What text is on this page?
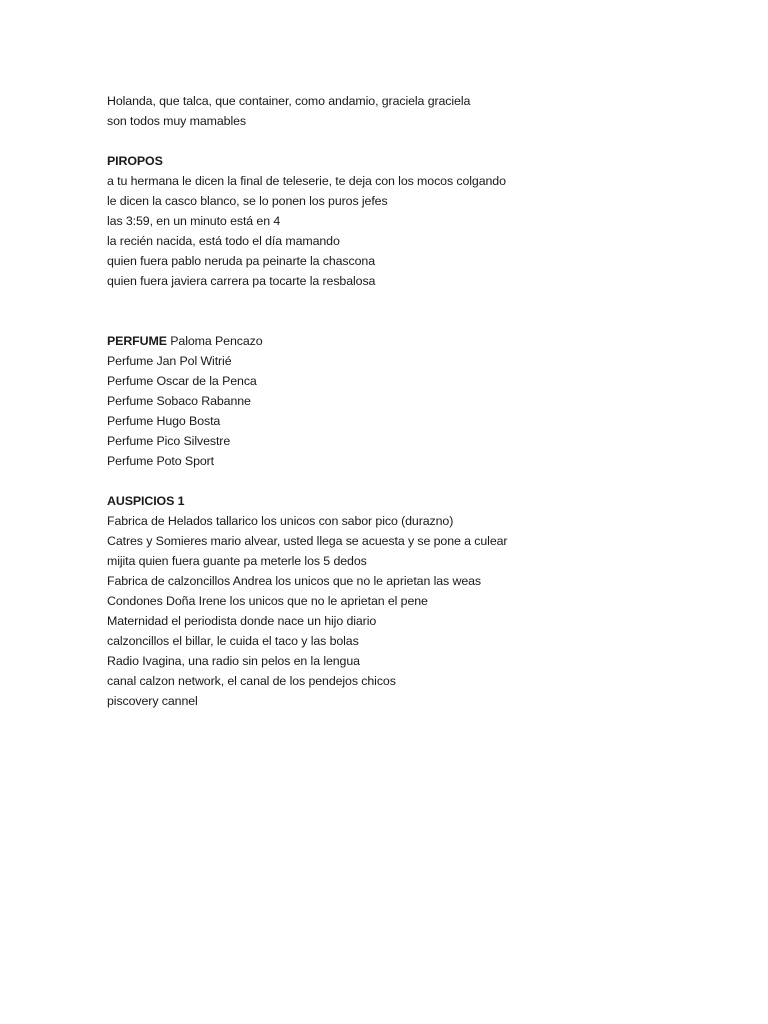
Holanda, que talca, que container, como andamio, graciela graciela
son todos muy mamables
PIROPOS
a tu hermana le dicen la final de teleserie, te deja con los mocos colgando
le dicen la casco blanco, se lo ponen los puros jefes
las 3:59, en un minuto está en 4
la recién nacida, está todo el día mamando
quien fuera pablo neruda pa peinarte la chascona
quien fuera javiera carrera pa tocarte la resbalosa
PERFUME Paloma Pencazo
Perfume Jan Pol Witrié
Perfume Oscar de la Penca
Perfume Sobaco Rabanne
Perfume Hugo Bosta
Perfume Pico Silvestre
Perfume Poto Sport
AUSPICIOS 1
Fabrica de Helados tallarico los unicos con sabor pico (durazno)
Catres y Somieres mario alvear, usted llega se acuesta y se pone a culear
mijita quien fuera guante pa meterle los 5 dedos
Fabrica de calzoncillos Andrea los unicos que no le aprietan las weas
Condones Doña Irene los unicos que no le aprietan el pene
Maternidad el periodista donde nace un hijo diario
calzoncillos el billar, le cuida el taco y las bolas
Radio Ivagina, una radio sin pelos en la lengua
canal calzon network, el canal de los pendejos chicos
piscovery cannel
